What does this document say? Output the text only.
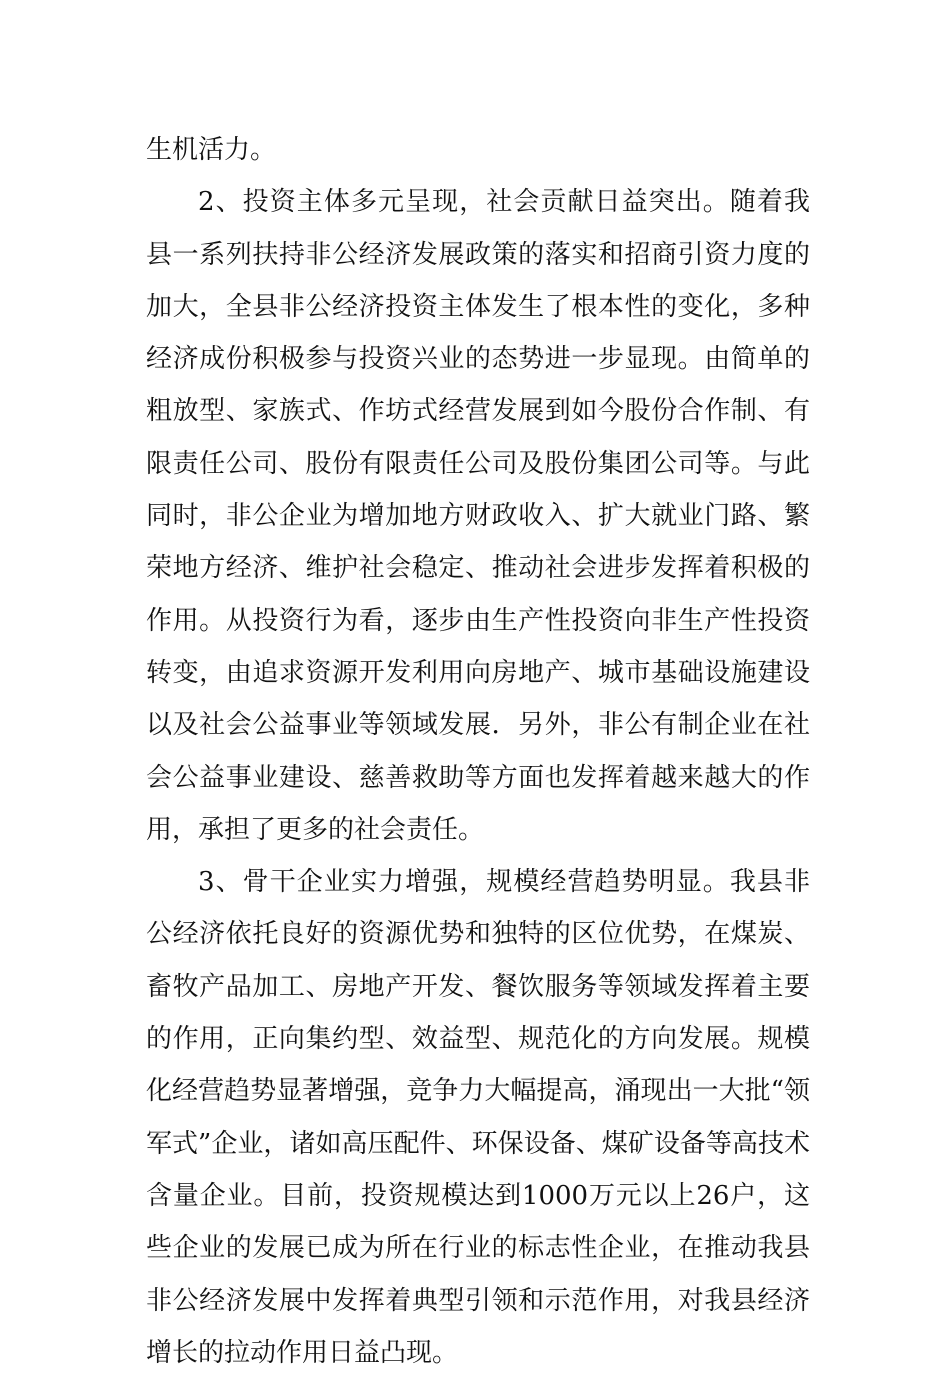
生机活力。

2、投资主体多元呈现，社会贡献日益突出。随着我县一系列扶持非公经济发展政策的落实和招商引资力度的加大，全县非公经济投资主体发生了根本性的变化，多种经济成份积极参与投资兴业的态势进一步显现。由简单的粗放型、家族式、作坊式经营发展到如今股份合作制、有限责任公司、股份有限责任公司及股份集团公司等。与此同时，非公企业为增加地方财政收入、扩大就业门路、繁荣地方经济、维护社会稳定、推动社会进步发挥着积极的作用。从投资行为看，逐步由生产性投资向非生产性投资转变，由追求资源开发利用向房地产、城市基础设施建设以及社会公益事业等领域发展．另外，非公有制企业在社会公益事业建设、慈善救助等方面也发挥着越来越大的作用，承担了更多的社会责任。

3、骨干企业实力增强，规模经营趋势明显。我县非公经济依托良好的资源优势和独特的区位优势，在煤炭、畜牧产品加工、房地产开发、餐饮服务等领域发挥着主要的作用，正向集约型、效益型、规范化的方向发展。规模化经营趋势显著增强，竞争力大幅提高，涌现出一大批“领军式”企业，诸如高压配件、环保设备、煤矿设备等高技术含量企业。目前，投资规模达到1000万元以上26户，这些企业的发展已成为所在行业的标志性企业，在推动我县非公经济发展中发挥着典型引领和示范作用，对我县经济增长的拉动作用日益凸现。
